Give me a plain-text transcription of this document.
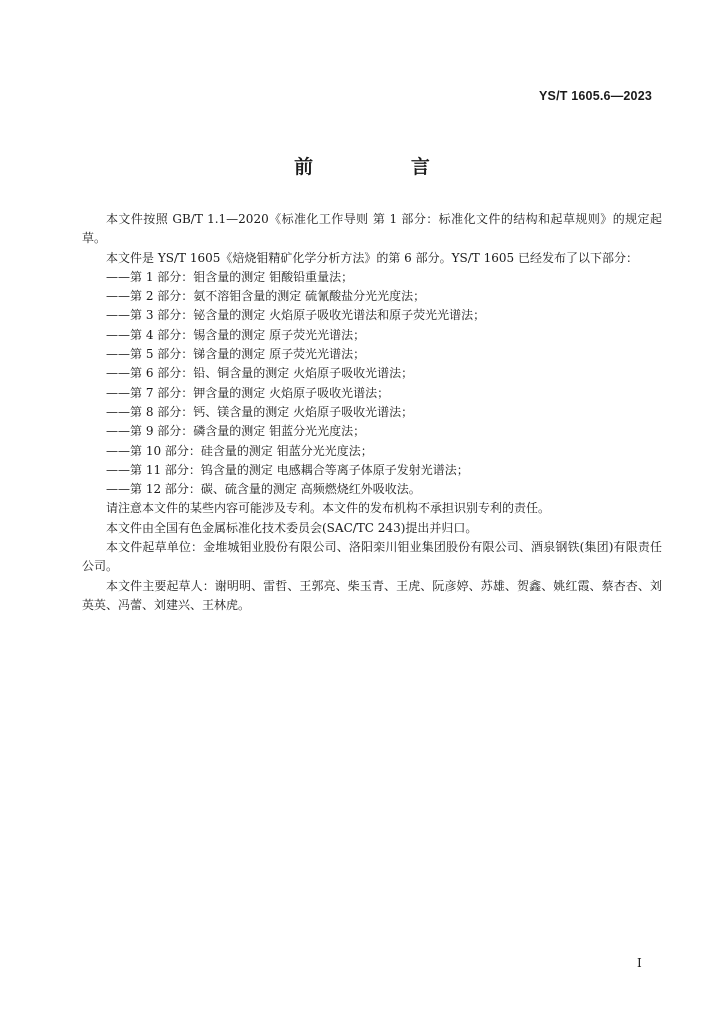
YS/T 1605.6—2023
前 言

本文件按照 GB/T 1.1—2020《标准化工作导则 第 1 部分：标准化文件的结构和起草规则》的规定起草。

本文件是 YS/T 1605《焙烧钼精矿化学分析方法》的第 6 部分。YS/T 1605 已经发布了以下部分：

——第 1 部分：钼含量的测定 钼酸铅重量法；

——第 2 部分：氨不溶钼含量的测定 硫氰酸盐分光光度法；

——第 3 部分：铋含量的测定 火焰原子吸收光谱法和原子荧光光谱法；

——第 4 部分：锡含量的测定 原子荧光光谱法；

——第 5 部分：锑含量的测定 原子荧光光谱法；

——第 6 部分：铅、铜含量的测定 火焰原子吸收光谱法；

——第 7 部分：钾含量的测定 火焰原子吸收光谱法；

——第 8 部分：钙、镁含量的测定 火焰原子吸收光谱法；

——第 9 部分：磷含量的测定 钼蓝分光光度法；

——第 10 部分：硅含量的测定 钼蓝分光光度法；

——第 11 部分：钨含量的测定 电感耦合等离子体原子发射光谱法；

——第 12 部分：碳、硫含量的测定 高频燃烧红外吸收法。

请注意本文件的某些内容可能涉及专利。本文件的发布机构不承担识别专利的责任。

本文件由全国有色金属标准化技术委员会(SAC/TC 243)提出并归口。

本文件起草单位：金堆城钼业股份有限公司、洛阳栾川钼业集团股份有限公司、酒泉钢铁(集团)有限责任公司。

本文件主要起草人：谢明明、雷哲、王郭亮、柴玉青、王虎、阮彦婷、苏雄、贺鑫、姚红霞、蔡杏杏、刘英英、冯蕾、刘建兴、王林虎。

I
